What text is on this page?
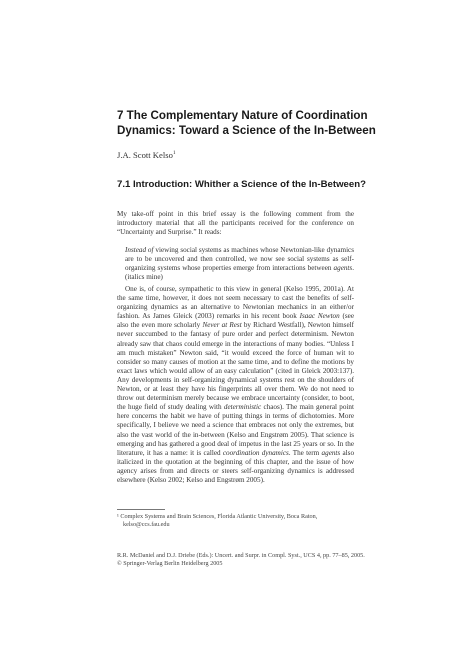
7 The Complementary Nature of Coordination
Dynamics: Toward a Science of the In-Between
J.A. Scott Kelso$^1$
7.1 Introduction: Whither a Science of the In-Between?

My take-off point in this brief essay is the following comment from the introductory material that all the participants received for the conference on “Uncertainty and Surprise.” It reads:

Instead of viewing social systems as machines whose Newtonian-like dynamics are to be uncovered and then controlled, we now see social systems as self-organizing systems whose properties emerge from interactions between agents. (italics mine)

One is, of course, sympathetic to this view in general (Kelso 1995, 2001a). At the same time, however, it does not seem necessary to cast the benefits of self-organizing dynamics as an alternative to Newtonian mechanics in an either/or fashion. As James Gleick (2003) remarks in his recent book Isaac Newton (see also the even more scholarly Never at Rest by Richard Westfall), Newton himself never succumbed to the fantasy of pure order and perfect determinism. Newton already saw that chaos could emerge in the interactions of many bodies. “Unless I am much mistaken” Newton said, “it would exceed the force of human wit to consider so many causes of motion at the same time, and to define the motions by exact laws which would allow of an easy calculation” (cited in Gleick 2003:137). Any developments in self-organizing dynamical systems rest on the shoulders of Newton, or at least they have his fingerprints all over them. We do not need to throw out determinism merely because we embrace uncertainty (consider, to boot, the huge field of study dealing with deterministic chaos). The main general point here concerns the habit we have of putting things in terms of dichotomies. More specifically, I believe we need a science that embraces not only the extremes, but also the vast world of the in-between (Kelso and Engstrøm 2005). That science is emerging and has gathered a good deal of impetus in the last 25 years or so. In the literature, it has a name: it is called coordination dynamics. The term agents also italicized in the quotation at the beginning of this chapter, and the issue of how agency arises from and directs or steers self-organizing dynamics is addressed elsewhere (Kelso 2002; Kelso and Engstrøm 2005).

¹ Complex Systems and Brain Sciences, Florida Atlantic University, Boca Raton,
kelso@ccs.fau.edu
R.R. McDaniel and D.J. Driebe (Eds.): Uncert. and Surpr. in Compl. Syst., UCS 4, pp. 77–85, 2005.
© Springer-Verlag Berlin Heidelberg 2005
